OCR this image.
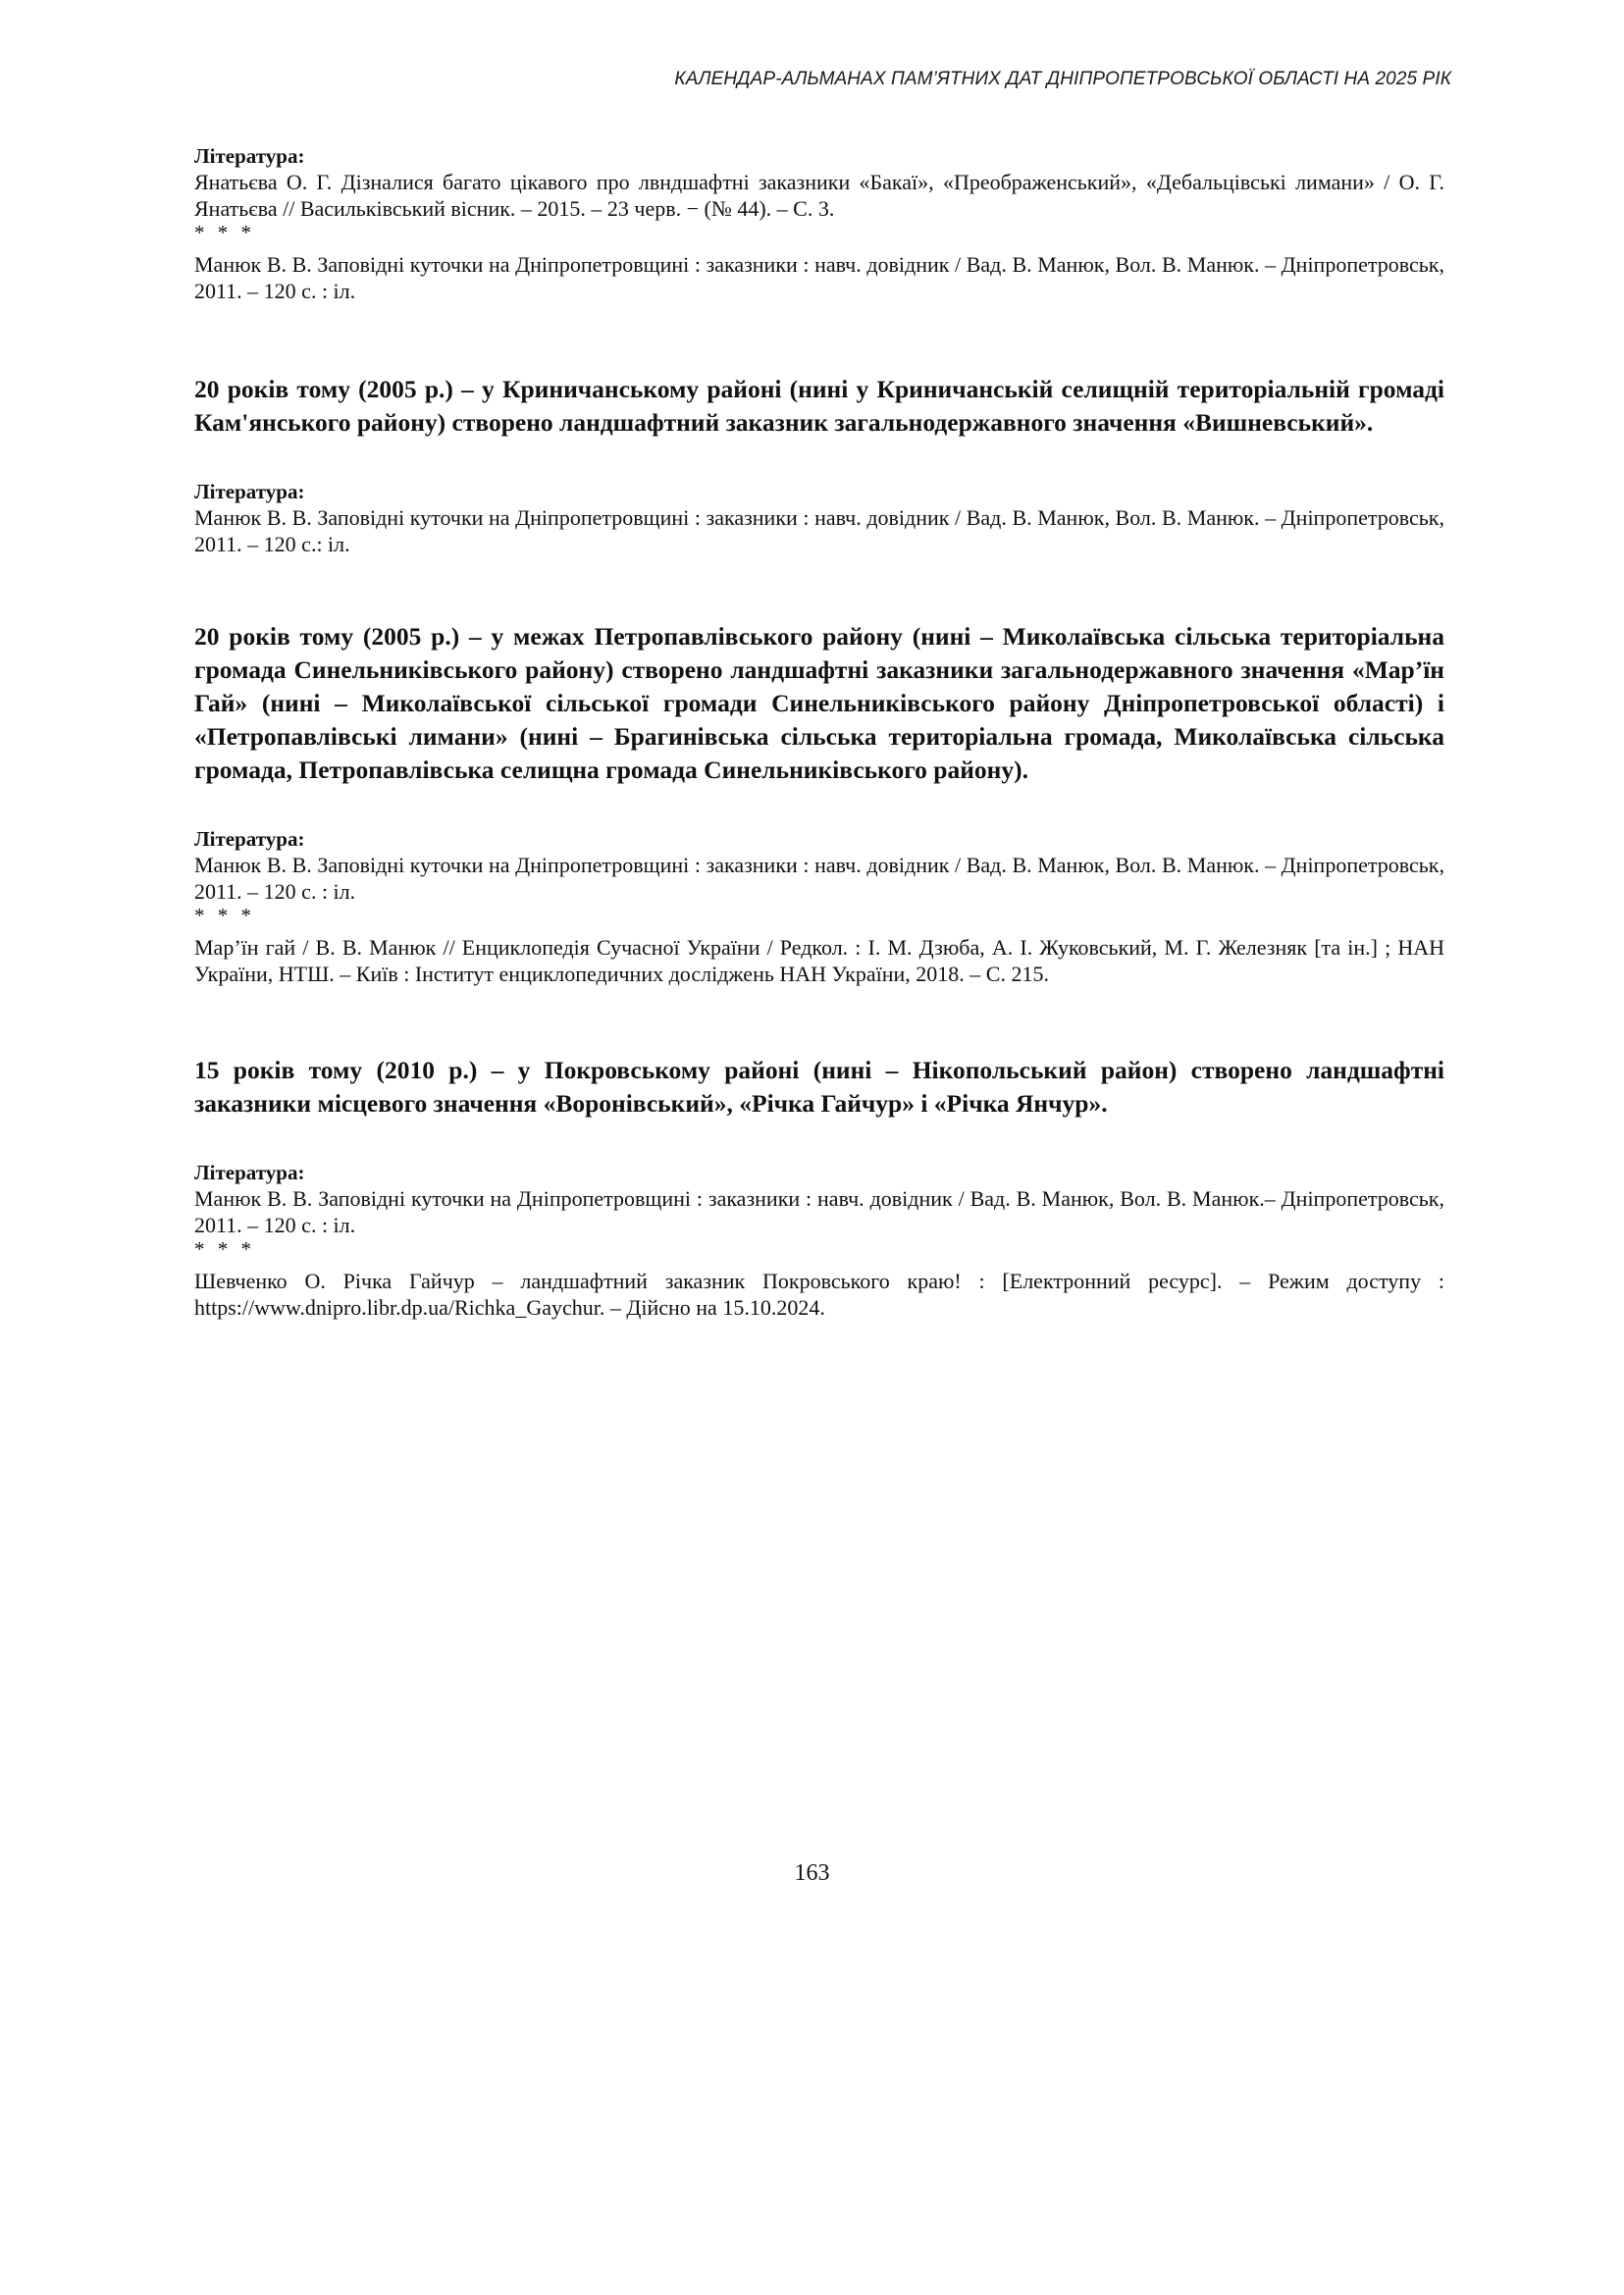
КАЛЕНДАР-АЛЬМАНАХ ПАМ’ЯТНИХ ДАТ ДНІПРОПЕТРОВСЬКОЇ ОБЛАСТІ НА 2025 РІК
Література:
Янатьєва О. Г. Дізналися багато цікавого про лвндшафтні заказники «Бакаї», «Преображенський», «Дебальцівські лимани» / О. Г. Янатьєва // Васильківський вісник. – 2015. – 23 черв. − (№ 44). – С. 3.
* * *
Манюк В. В. Заповідні куточки на Дніпропетровщині : заказники : навч. довідник / Вад. В. Манюк, Вол. В. Манюк. – Дніпропетровськ, 2011. – 120 с. : іл.
20 років тому (2005 р.) – у Криничанському районі (нині у Криничанській селищній територіальній громаді Кам'янського району) створено ландшафтний заказник загальнодержавного значення «Вишневський».
Література:
Манюк В. В. Заповідні куточки на Дніпропетровщині : заказники : навч. довідник / Вад. В. Манюк, Вол. В. Манюк. – Дніпропетровськ, 2011. – 120 с.: іл.
20 років тому (2005 р.) – у межах Петропавлівського району (нині – Миколаївська сільська територіальна громада Синельниківського району) створено ландшафтні заказники загальнодержавного значення «Мар’їн Гай» (нині – Миколаївської сільської громади Синельниківського району Дніпропетровської області) і «Петропавлівські лимани» (нині – Брагинівська сільська територіальна громада, Миколаївська сільська громада, Петропавлівська селищна громада Синельниківського району).
Література:
Манюк В. В. Заповідні куточки на Дніпропетровщині : заказники : навч. довідник / Вад. В. Манюк, Вол. В. Манюк. – Дніпропетровськ, 2011. – 120 с. : іл.
* * *
Мар’їн гай / В. В. Манюк // Енциклопедія Сучасної України / Редкол. : І. М. Дзюба, А. І. Жуковський, М. Г. Железняк [та ін.] ; НАН України, НТШ. – Київ : Інститут енциклопедичних досліджень НАН України, 2018. – С. 215.
15 років тому (2010 р.) – у Покровському районі (нині – Нікопольський район) створено ландшафтні заказники місцевого значення «Воронівський», «Річка Гайчур» і «Річка Янчур».
Література:
Манюк В. В. Заповідні куточки на Дніпропетровщині : заказники : навч. довідник / Вад. В. Манюк, Вол. В. Манюк.– Дніпропетровськ, 2011. – 120 с. : іл.
* * *
Шевченко О. Річка Гайчур – ландшафтний заказник Покровського краю! : [Електронний ресурс]. – Режим доступу : https://www.dnipro.libr.dp.ua/Richka_Gaychur. – Дійсно на 15.10.2024.
163
